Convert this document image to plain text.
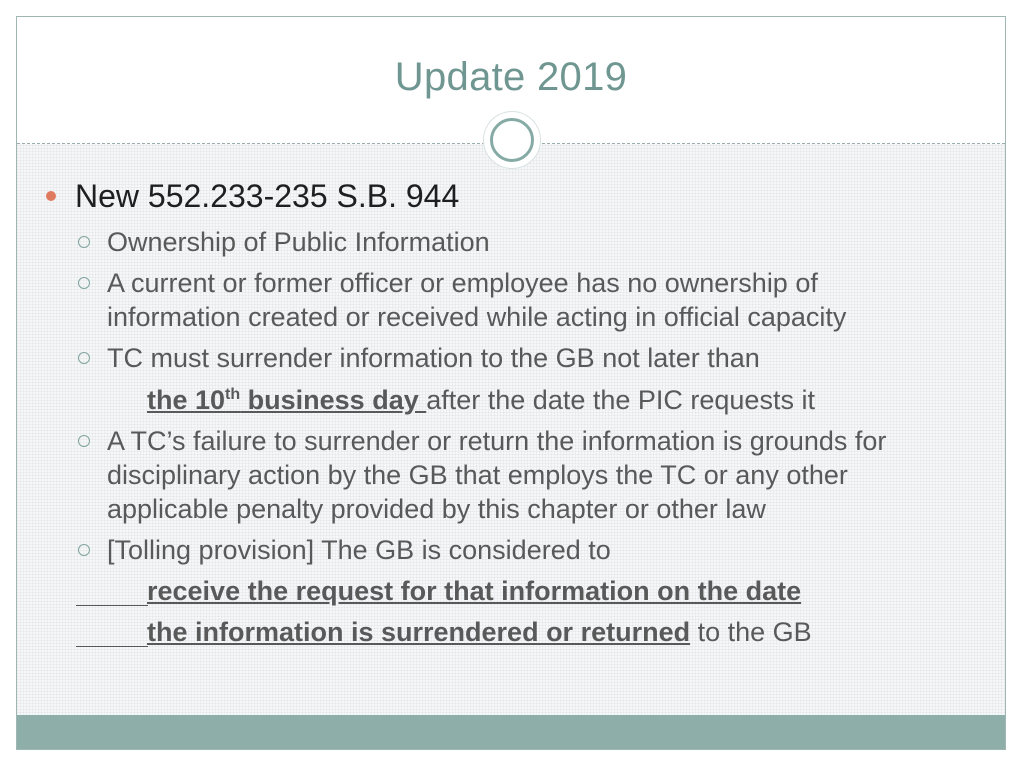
Update 2019
New 552.233-235 S.B. 944
Ownership of Public Information
A current or former officer or employee has no ownership of
information created or received while acting in official capacity
TC must surrender information to the GB not later than
the 10th business day after the date the PIC requests it
A TC’s failure to surrender or return the information is grounds for
disciplinary action by the GB that employs the TC or any other
applicable penalty provided by this chapter or other law
[Tolling provision] The GB is considered to
receive the request for that information on the date
the information is surrendered or returned to the GB
